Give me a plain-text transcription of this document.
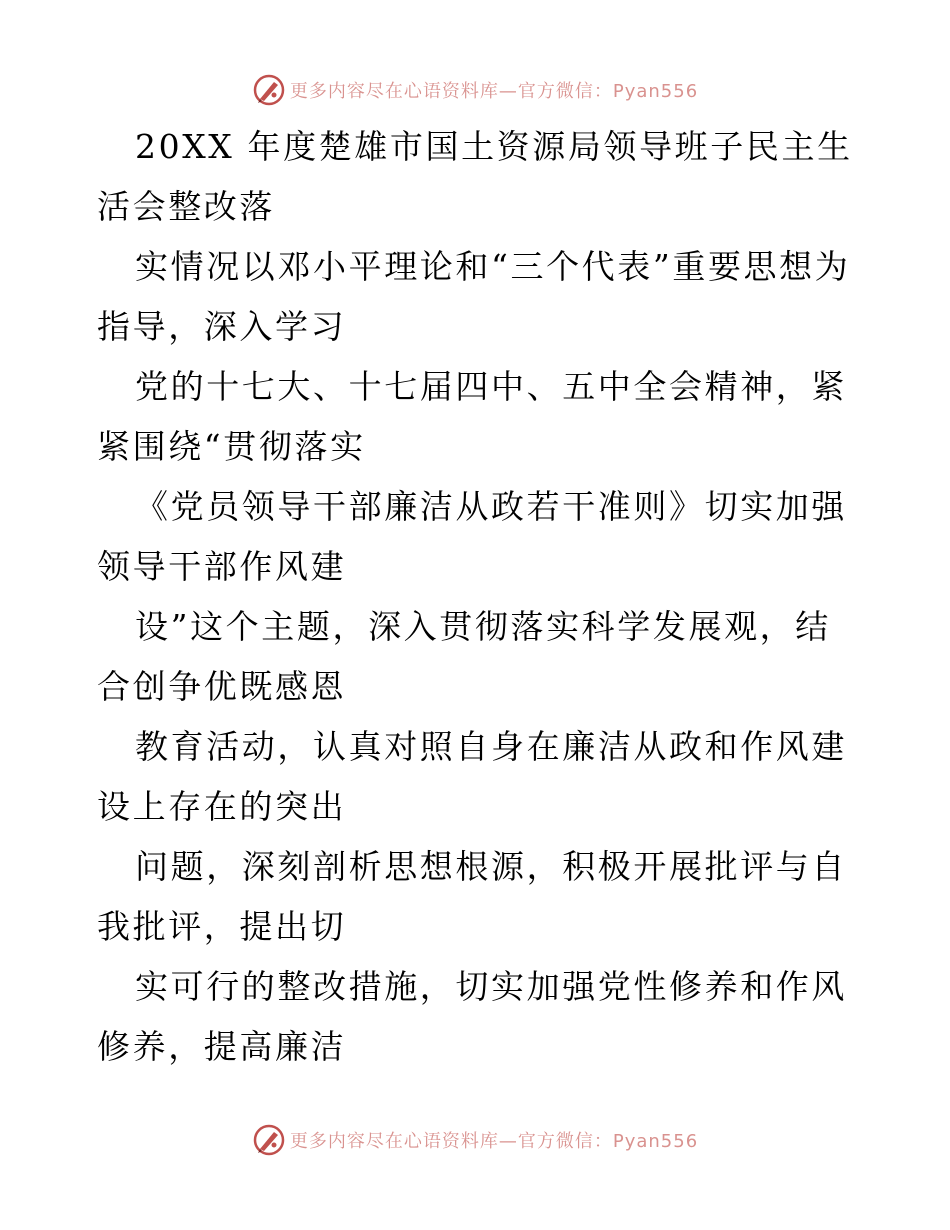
更多内容尽在心语资料库—官方微信：Pyan556

20XX 年度楚雄市国土资源局领导班子民主生活会整改落

实情况以邓小平理论和“三个代表”重要思想为指导，深入学习

党的十七大、十七届四中、五中全会精神，紧紧围绕“贯彻落实

《党员领导干部廉洁从政若干准则》切实加强领导干部作风建

设”这个主题，深入贯彻落实科学发展观，结合创争优既感恩

教育活动，认真对照自身在廉洁从政和作风建设上存在的突出

问题，深刻剖析思想根源，积极开展批评与自我批评，提出切

实可行的整改措施，切实加强党性修养和作风修养，提高廉洁

更多内容尽在心语资料库—官方微信：Pyan556
